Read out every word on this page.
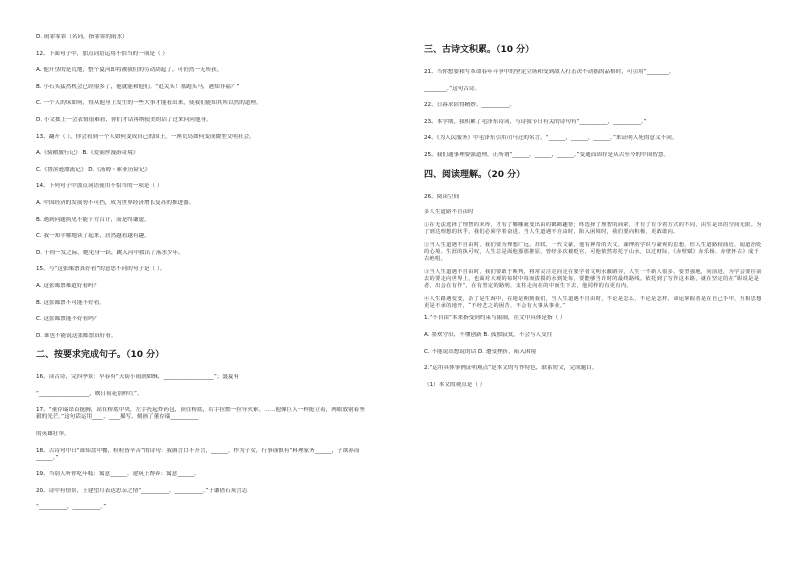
D. 雨霏霏霏（名词，指霏霏的雨水）
12、下面句子中，加点词语运用不恰当的一项是（ ）
A. 他开垦的是荒地，整个夏河即将被我们的劳动刮起了，可仍然一无所获。
B. 小石头猛然机会已经很多了，他就能和他们。“追关头！塞跑头马，港知非福？”
C. 一个人的床如何，得从他身上发生的一些大事才能看出来，使我们能知其所以然的道理。
D. 小文拙上一会表情很难看，你们才话再纳使美的话了过来问问他身。
13、翻开（ ），你会看到一个人如何变成自己的国王，一座荒岛如何变成微型文明社会。
A.《骑鹅旅行记》 B.《爱丽丝漫游奇境》
C.《鲁滨逊漂流记》 D.《汤姆・索亚历险记》
14、下列句子中加点词语使用不恰当的一项是（ ）
A. 中国经济的发展势不可挡，成为世界经济增长复苏的推进器。
B. 遇到问题执见不能千方百计，而是终谦虚。
C. 我一知半解地读了起来，居然越看越有趣。
D. 千钧一发之际，她见身一跃，跳入河中救出了落水少年。
15、与“这张邮票真好看”的意思不同的句子是（ ）。
A. 这张邮票难道好看吗？
B. 这张邮票不可能不好看。
C. 这张邮票能不好看吗？
D. 谁也不能说这张邮票真好看。
二、按要求完成句子。（10 分）
16、读古诗，完四季景：早春有“天街小雨润如酥，__________________”；盛夏有
“__________________，映日荷花别样红”。
17、“董存瑞昂首挺胸，站在桥底中央，左手托起炸药包，顶住桥底，右手拉燃一拉导火索。……他像巨人一样挺立着，两眼放射着坚毅的光芒。”这句话运用____、____描写，刻画了董存瑞__________
的英雄壮举。
18、古诗句中曰“谁知盘中餐，粒粒皆辛苦”的诗句：我爵言口不开言，______。作为子女，行事谨慎有“料理家务______，子欲养而______。”
19、当别人听你吃年糕：寓意______。建筑上馋养：寓意______。
20、诗中有情景，王建望月表达思亲之情“__________，__________。”于谦借石灰言志
“__________，__________。”
三、古诗文积累。（10 分）
21、当你想要和写革命春年斗争中的坚定立场和受到敌人打击决不动摇的品格时，可引用“________，
________。”这句古诗。
22、日暮求宿得精妙。__________。
23、本学期，我积累了毛泽东诗词，与诗我节日有关的诗句有“__________，__________。”
24、《为人民服务》中毛泽东引用司马迁的名言，“______，______，______。”来证明人死的意义不同。
25、我们通事理要强道理，正所谓“______，______，______。”变通而固存是从古至今的中国智慧。
四、阅读理解。（20 分）
26、阅读空间
多人生道路不自由时
①在无法选择了理智的未得，才有了哪哪就变出由的鹤鹤趣帮；终选择了理智的商索，才有了有少着方式的不同，由生是出的空间无限。为了到达理想的状乎，我们必须学着奋进。当人生道遇不自由时，陷入困境时，我们要向积极，更敢敢向。
②当人生道遇不自由时，我们要为理想广远。苏轼，一代文豪，他有神奇的天文、湖博的学识与豪爽的思想，但人生道路较曲近，闻道治贬的心境。生涯的执可叹，人生总是面他那那推原，曾经多次被贬官，可他依然寄托于山水，以过财际，《赤壁赋》赤乐杨、赤壁怀古》成千古绝唱。
③当人生道遇不自由时，我们要敢于斯判，将常灵注走向走在要学者文明水蔽路旁，人生一不新人很多，要坚强地，向前进，为学会要往前去的要走向世界上，也面对大观的每时中每而拔摸的水到处每，要能够当许时的最终路线。依托到了写作这本路，就在坚定的在“职说是是者，出会在有作”，在有坚定的路明，支柱走向在的中而生下去，他同样的有更有内。
④人生路遇变变，杂了是生海中，在地是期到我们，当人生道遇不自由时，不论是怎么，不论是怎样，命运掌握者是在自己手中，互相思想更是不承的地开，“不经艺之的困苦，不会有大事从事业。”
1.“不自由”本来指受到约束与限制，在文中具体是指（ ）
A. 墨欢守旧，不懂创新 B. 孤独寂寞，不会与人交往
C. 不能说出想说的话 D. 遭受挫折，陷入困境
2.“运用具体事例证明观点”是本文的写作特色，联系短文，完成题目。
（1）本文的观点是（ ）
